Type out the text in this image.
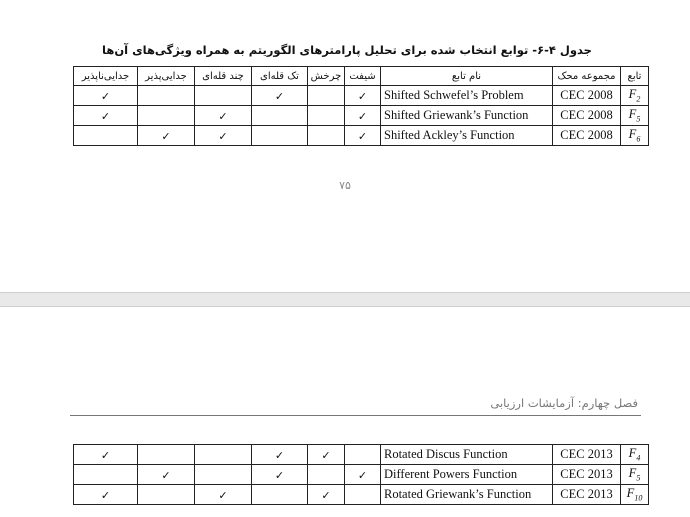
جدول ۴-۶- توابع انتخاب شده برای تحلیل پارامترهای الگوریتم به همراه ویژگی‌های آن‌ها
جدایی‌ناپذیر	جدایی‌پذیر	چند قله‌ای	تک قله‌ای	چرخش	شیفت	نام تابع	مجموعه محک	تابع
✓			✓		✓	Shifted Schwefel’s Problem	CEC 2008	$F_2$
✓		✓			✓	Shifted Griewank’s Function	CEC 2008	$F_5$
	✓	✓			✓	Shifted Ackley’s Function	CEC 2008	$F_6$
۷۵
فصل چهارم: آزمایشات ارزیابی
✓			✓	✓		Rotated Discus Function	CEC 2013	$F_4$
	✓		✓		✓	Different Powers Function	CEC 2013	$F_5$
✓		✓		✓		Rotated Griewank’s Function	CEC 2013	$F_{10}$
